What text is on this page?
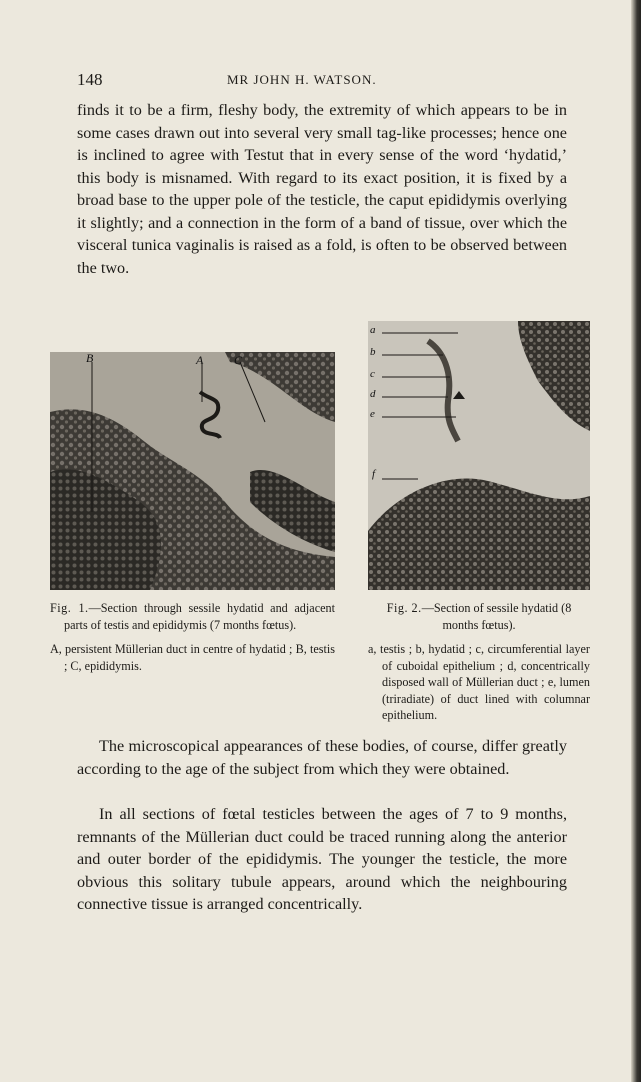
148	MR JOHN H. WATSON.

finds it to be a firm, fleshy body, the extremity of which appears to be in some cases drawn out into several very small tag-like processes; hence one is inclined to agree with Testut that in every sense of the word ‘hydatid,’ this body is misnamed. With regard to its exact position, it is fixed by a broad base to the upper pole of the testicle, the caput epididymis overlying it slightly; and a connection in the form of a band of tissue, over which the visceral tunica vaginalis is raised as a fold, is often to be observed between the two.

B	A	C
a
b
c
d
e
f

Fig. 1.—Section through sessile hydatid and adjacent parts of testis and epididymis (7 months fœtus).
A, persistent Müllerian duct in centre of hydatid ; B, testis ; C, epididymis.

Fig. 2.—Section of sessile hydatid (8 months fœtus).
a, testis ; b, hydatid ; c, circumferential layer of cuboidal epithelium ; d, concentrically disposed wall of Müllerian duct ; e, lumen (triradiate) of duct lined with columnar epithelium.

The microscopical appearances of these bodies, of course, differ greatly according to the age of the subject from which they were obtained.

In all sections of fœtal testicles between the ages of 7 to 9 months, remnants of the Müllerian duct could be traced running along the anterior and outer border of the epididymis. The younger the testicle, the more obvious this solitary tubule appears, around which the neighbouring connective tissue is arranged concentrically.
